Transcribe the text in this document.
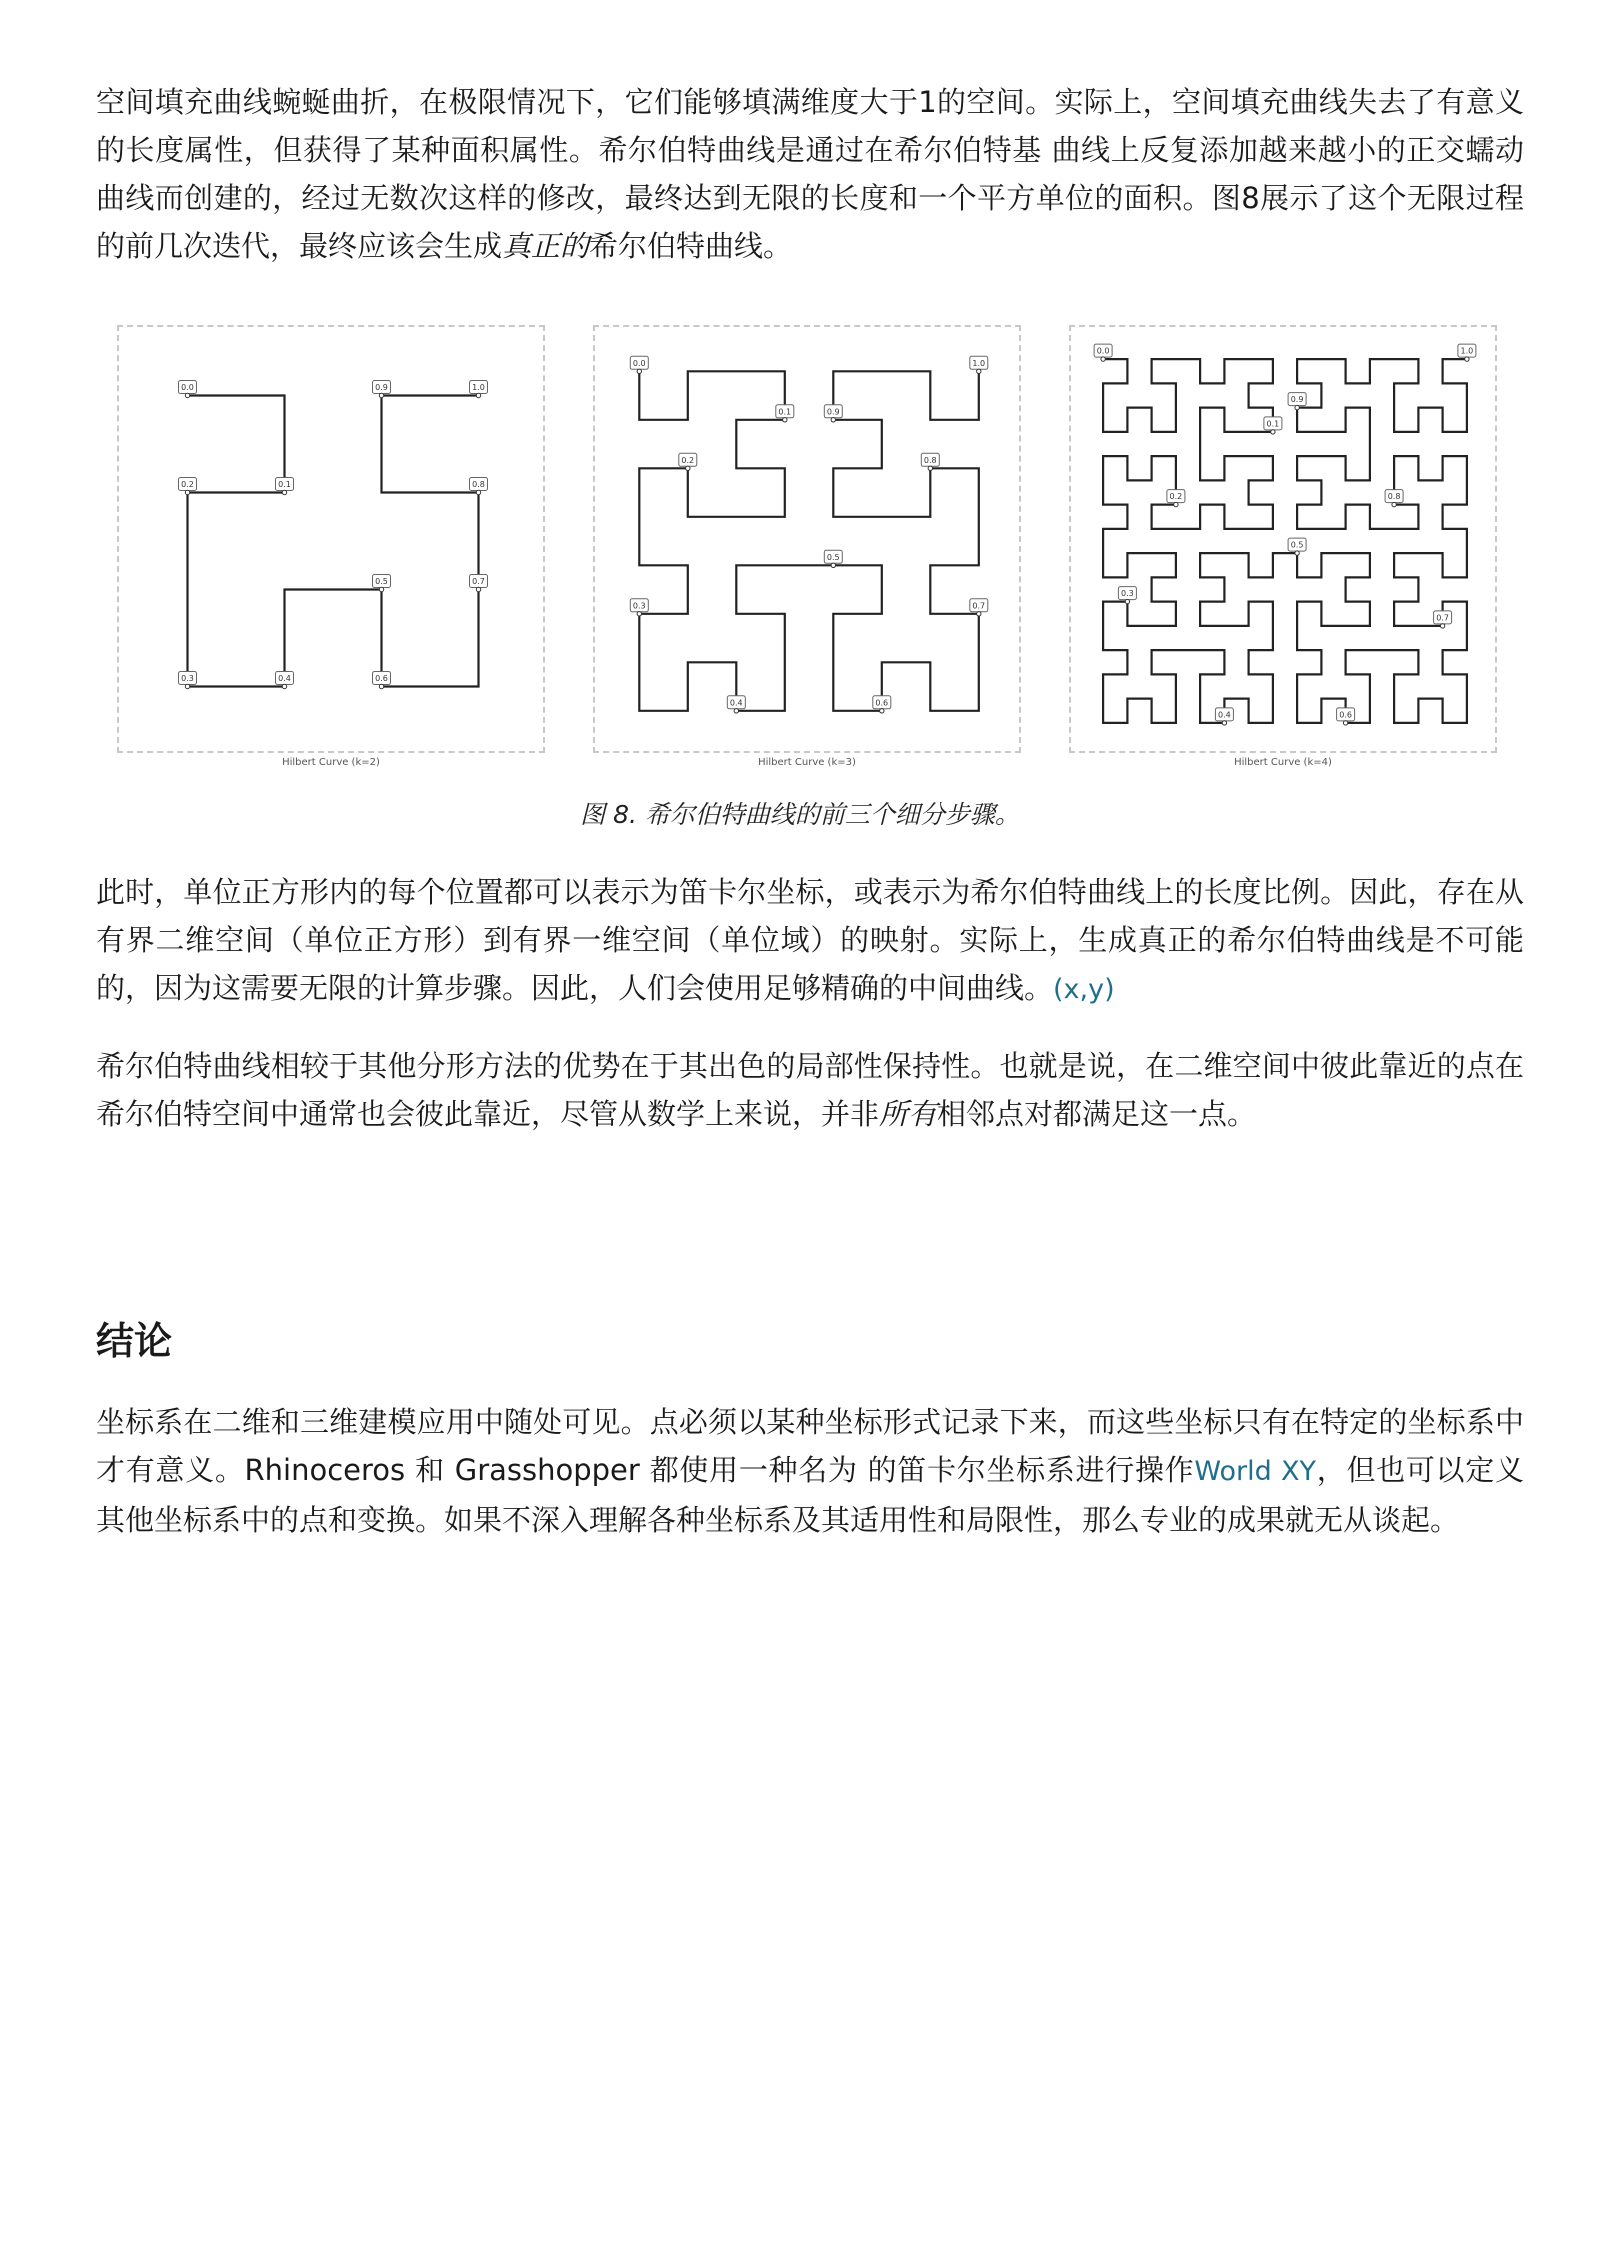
空间填充曲线蜿蜒曲折，在极限情况下，它们能够填满维度大于1的空间。实际上，空间填充曲线失去了有意义的长度属性，但获得了某种面积属性。希尔伯特曲线是通过在希尔伯特基 曲线上反复添加越来越小的正交蠕动曲线而创建的，经过无数次这样的修改，最终达到无限的长度和一个平方单位的面积。图8展示了这个无限过程的前几次迭代，最终应该会生成真正的希尔伯特曲线。

0.0
0.1
0.2
0.3	0.4
0.5
0.6
0.7
0.8
0.9	1.0
Hilbert Curve (k=2)
0.0
0.1
0.2
0.3
0.4
0.5
0.6
0.7
0.8
0.9
1.0
Hilbert Curve (k=3)
0.0
0.1
0.2
0.3
0.4
0.5
0.6
0.7
0.8
0.9
1.0
Hilbert Curve (k=4)
图 8. 希尔伯特曲线的前三个细分步骤。

此时，单位正方形内的每个位置都可以表示为笛卡尔坐标，或表示为希尔伯特曲线上的长度比例。因此，存在从有界二维空间（单位正方形）到有界一维空间（单位域）的映射。实际上，生成真正的希尔伯特曲线是不可能的，因为这需要无限的计算步骤。因此，人们会使用足够精确的中间曲线。(x,y)

希尔伯特曲线相较于其他分形方法的优势在于其出色的局部性保持性。也就是说，在二维空间中彼此靠近的点在希尔伯特空间中通常也会彼此靠近，尽管从数学上来说，并非所有相邻点对都满足这一点。

结论

坐标系在二维和三维建模应用中随处可见。点必须以某种坐标形式记录下来，而这些坐标只有在特定的坐标系中才有意义。Rhinoceros 和 Grasshopper 都使用一种名为 的笛卡尔坐标系进行操作World XY，但也可以定义其他坐标系中的点和变换。如果不深入理解各种坐标系及其适用性和局限性，那么专业的成果就无从谈起。
